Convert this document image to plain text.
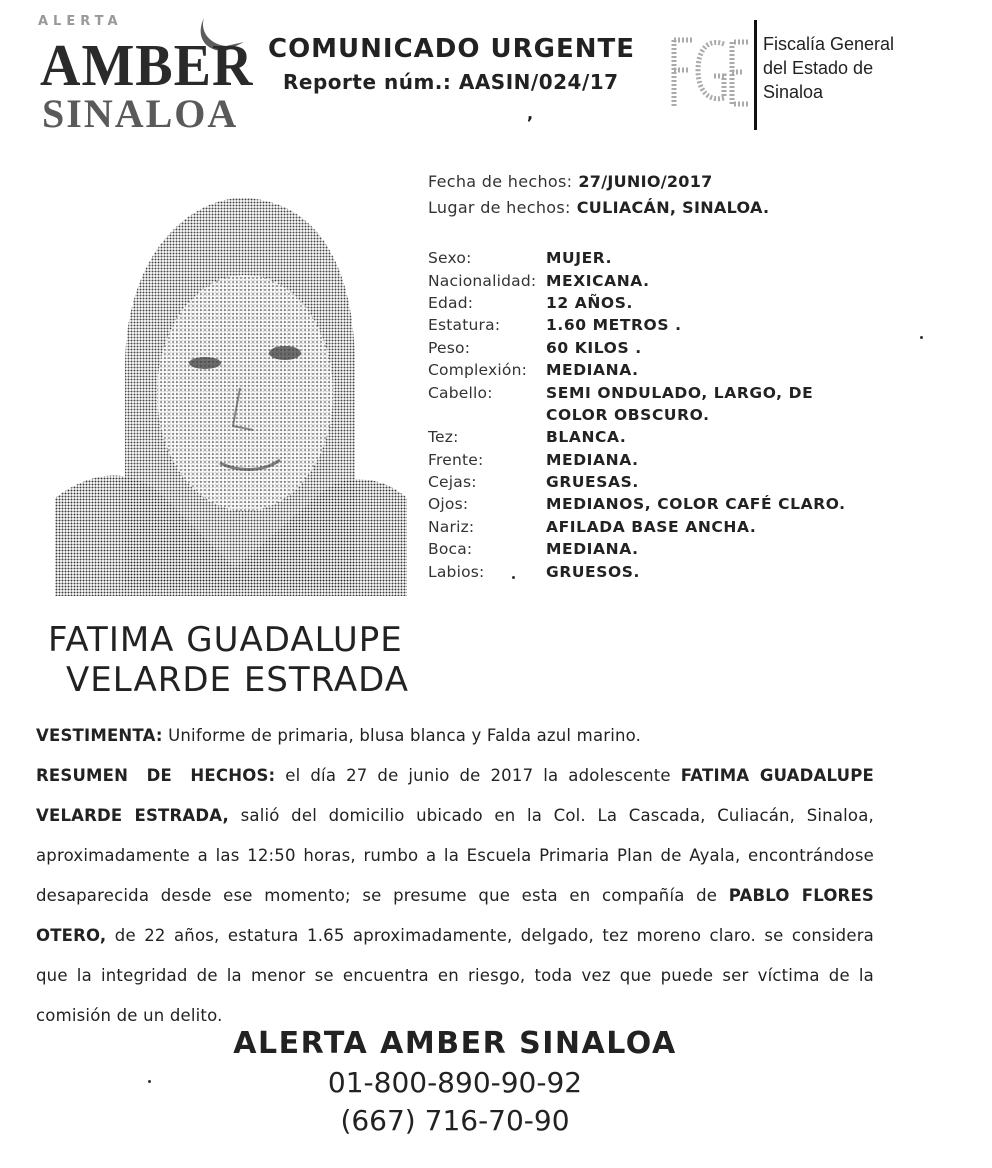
ALERTA
AMBER
SINALOA
COMUNICADO URGENTE
Reporte núm.: AASIN/024/17
,
Fiscalía General
del Estado de
Sinaloa
Fecha de hechos: 27/JUNIO/2017
Lugar de hechos: CULIACÁN, SINALOA.
Sexo:	MUJER.
Nacionalidad: MEXICANA.
Edad:	12 AÑOS.
Estatura:	1.60 METROS .
Peso:	60 KILOS .
Complexión:	MEDIANA.
Cabello:	SEMI ONDULADO, LARGO, DE
COLOR OBSCURO.
Tez:	BLANCA.
Frente:	MEDIANA.
Cejas:	GRUESAS.
Ojos:	MEDIANOS, COLOR CAFÉ CLARO.
Nariz:	AFILADA BASE ANCHA.
Boca:	MEDIANA.
Labios:	GRUESOS.
FATIMA GUADALUPE
VELARDE ESTRADA
VESTIMENTA: Uniforme de primaria, blusa blanca y Falda azul marino.
RESUMEN DE HECHOS: el día 27 de junio de 2017 la adolescente FATIMA GUADALUPE VELARDE ESTRADA, salió del domicilio ubicado en la Col. La Cascada, Culiacán, Sinaloa, aproximadamente a las 12:50 horas, rumbo a la Escuela Primaria Plan de Ayala, encontrándose desaparecida desde ese momento; se presume que esta en compañía de PABLO FLORES OTERO, de 22 años, estatura 1.65 aproximadamente, delgado, tez moreno claro. se considera que la integridad de la menor se encuentra en riesgo, toda vez que puede ser víctima de la comisión de un delito.
ALERTA AMBER SINALOA
01-800-890-90-92
(667) 716-70-90
